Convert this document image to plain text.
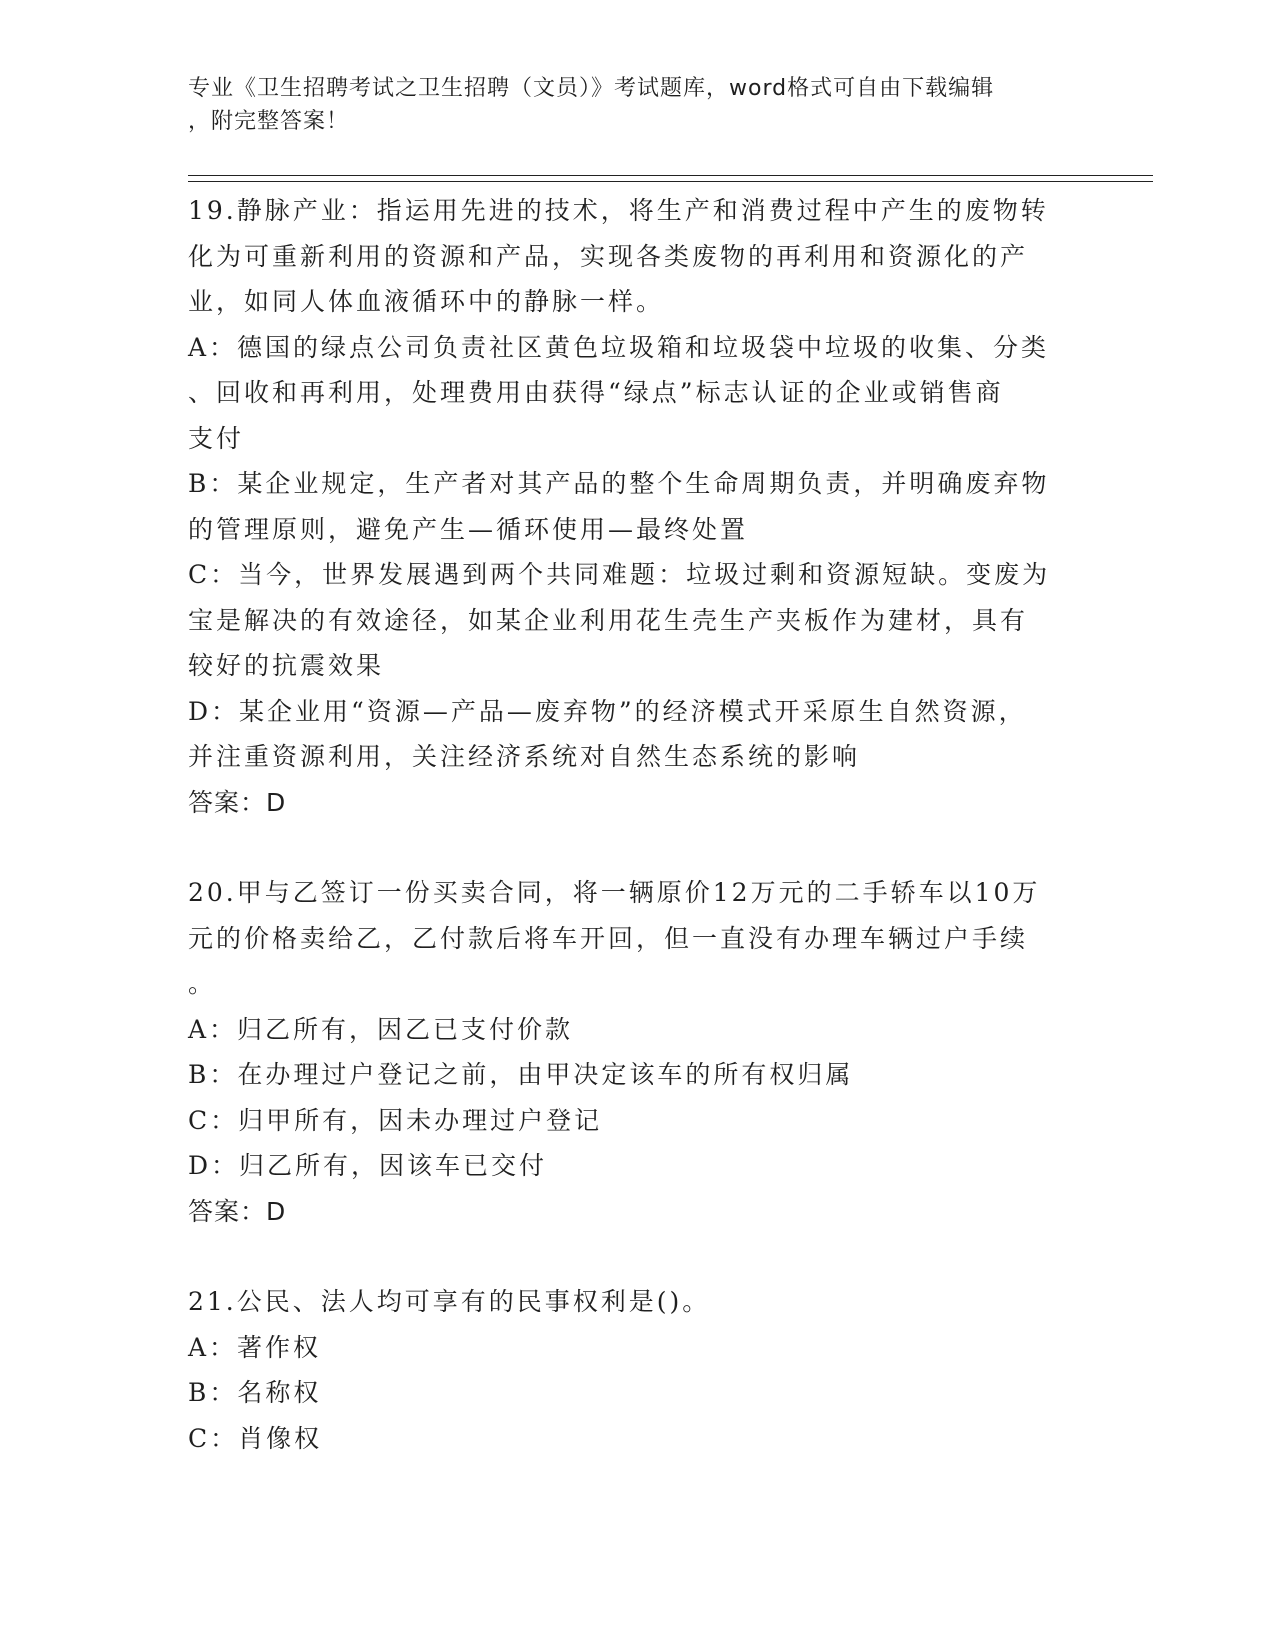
专业《卫生招聘考试之卫生招聘（文员）》考试题库，word格式可自由下载编辑
，附完整答案！

19.静脉产业：指运用先进的技术，将生产和消费过程中产生的废物转

化为可重新利用的资源和产品，实现各类废物的再利用和资源化的产

业，如同人体血液循环中的静脉一样。

A：德国的绿点公司负责社区黄色垃圾箱和垃圾袋中垃圾的收集、分类

、回收和再利用，处理费用由获得“绿点”标志认证的企业或销售商

支付

B：某企业规定，生产者对其产品的整个生命周期负责，并明确废弃物

的管理原则，避免产生—循环使用—最终处置

C：当今，世界发展遇到两个共同难题：垃圾过剩和资源短缺。变废为

宝是解决的有效途径，如某企业利用花生壳生产夹板作为建材，具有

较好的抗震效果

D：某企业用“资源—产品—废弃物”的经济模式开采原生自然资源，

并注重资源利用，关注经济系统对自然生态系统的影响

答案：D

20.甲与乙签订一份买卖合同，将一辆原价12万元的二手轿车以10万

元的价格卖给乙，乙付款后将车开回，但一直没有办理车辆过户手续

。

A：归乙所有，因乙已支付价款

B：在办理过户登记之前，由甲决定该车的所有权归属

C：归甲所有，因未办理过户登记

D：归乙所有，因该车已交付

答案：D

21.公民、法人均可享有的民事权利是()。

A：著作权

B：名称权

C：肖像权
